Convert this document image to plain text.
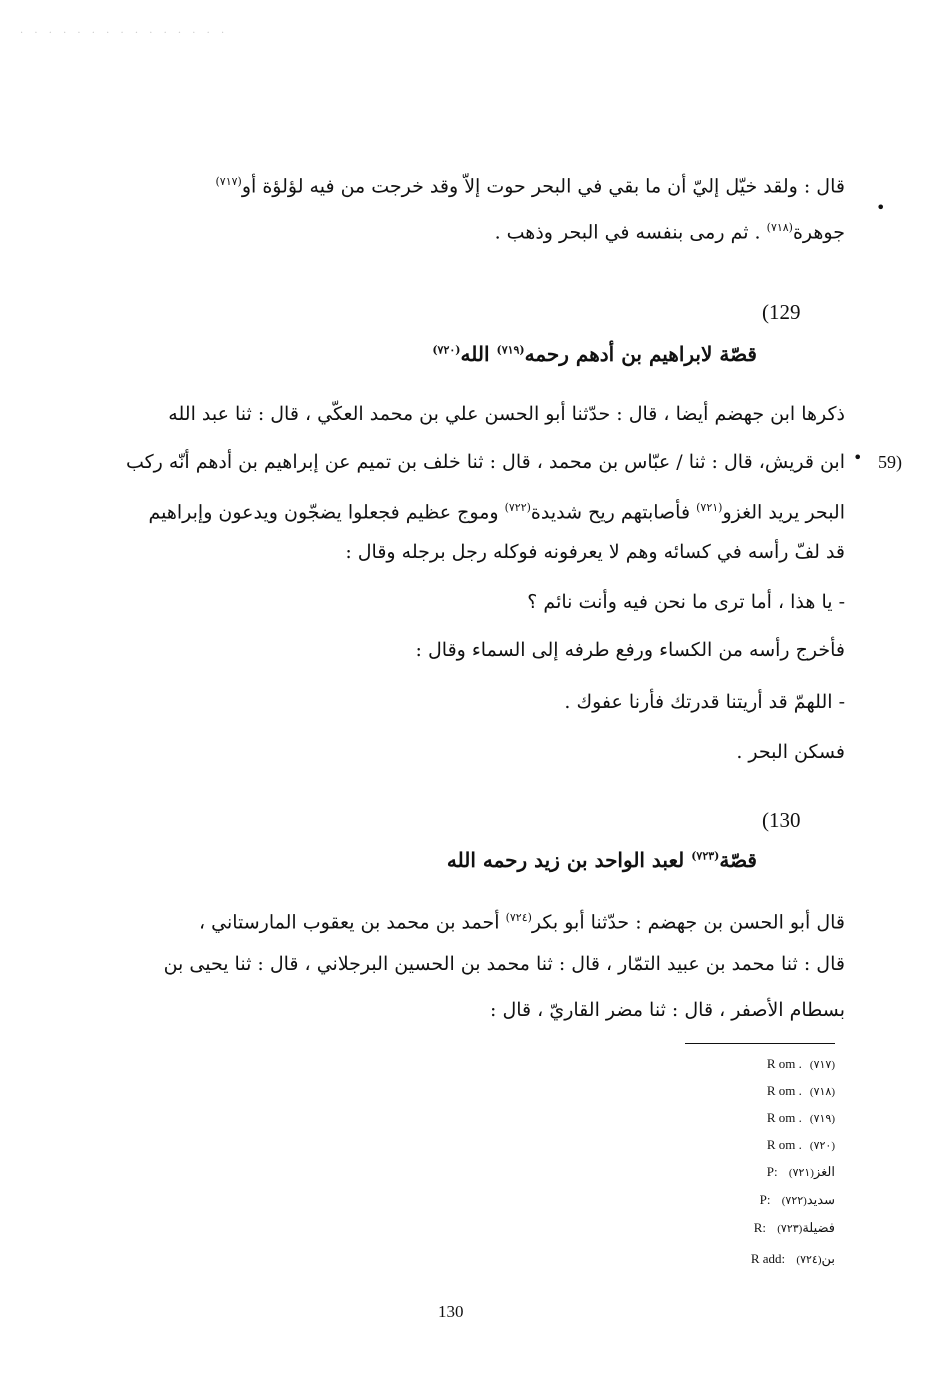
· · · · · · · · · · · · · · ·
قال : ولقد خيّل إليّ أن ما بقي في البحر حوت إلاّ وقد خرجت من فيه لؤلؤة أو$^{(٧١٧)}$
جوهرة$^{(٧١٨)}$ . ثم رمى بنفسه في البحر وذهب .
•
(129
قصّة لابراهيم بن أدهم رحمه$^{(٧١٩)}$ الله$^{(٧٢٠)}$
ذكرها ابن جهضم أيضا ، قال : حدّثنا أبو الحسن علي بن محمد العكّي ، قال : ثنا عبد الله
ابن قريش، قال : ثنا / عبّاس بن محمد ، قال : ثنا خلف بن تميم عن إبراهيم بن أدهم أنّه ركب 59)
•
البحر يريد الغزو$^{(٧٢١)}$ فأصابتهم ريح شديدة$^{(٧٢٢)}$ وموج عظيم فجعلوا يضجّون ويدعون وإبراهيم
قد لفّ رأسه في كسائه وهم لا يعرفونه فوكله رجل برجله وقال :
- يا هذا ، أما ترى ما نحن فيه وأنت نائم ؟
فأخرج رأسه من الكساء ورفع طرفه إلى السماء وقال :
- اللهمّ قد أريتنا قدرتك فأرنا عفوك .
فسكن البحر .
(130
قصّة$^{(٧٢٣)}$ لعبد الواحد بن زيد رحمه الله
قال أبو الحسن بن جهضم : حدّثنا أبو بكر$^{(٧٢٤)}$ أحمد بن محمد بن يعقوب المارستاني ،
قال : ثنا محمد بن عبيد التمّار ، قال : ثنا محمد بن الحسين البرجلاني ، قال : ثنا يحيى بن
بسطام الأصفر ، قال : ثنا مضر القاريّ ، قال :
R om . (٧١٧)
R om . (٧١٨)
R om . (٧١٩)
R om . (٧٢٠)
P: الغز(٧٢١)
P: سديد(٧٢٢)
R: فضيلة(٧٢٣)
R add: بن(٧٢٤)
130
